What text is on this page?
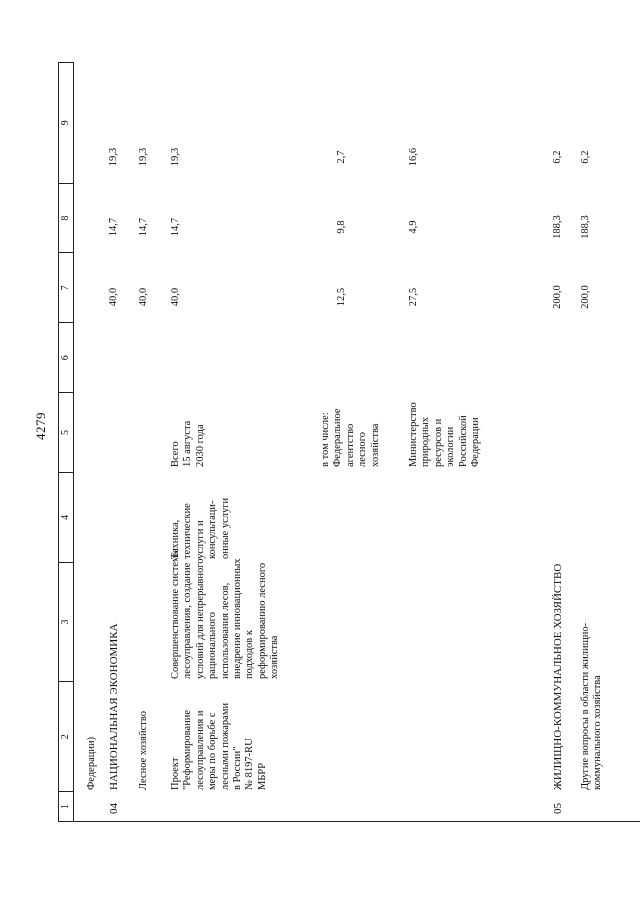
4279
1
2
3
4
5
6
7
8
9
Федерации)
04
НАЦИОНАЛЬНАЯ ЭКОНОМИКА
40,0
14,7
19,3
Лесное хозяйство
40,0
14,7
19,3
Проект
"Реформирование
лесоуправления и
меры по борьбе с
лесными пожарами
в России"
№ 8197-RU
МБРР
Совершенствование системы
лесоуправления, создание
условий для непрерывного
рационального
использования лесов,
внедрение инновационных
подходов к
реформированию лесного
хозяйства
Техника,
технические
услуги и
консультаци-
онные услуги
Всего
15 августа
2030 года
40,0
14,7
19,3
в том числе:
Федеральное
агентство
лесного
хозяйства
12,5
9,8
2,7
Министерство
природных
ресурсов и
экологии
Российской
Федерации
27,5
4,9
16,6
05
ЖИЛИЩНО-КОММУНАЛЬНОЕ ХОЗЯЙСТВО
200,0
188,3
6,2
Другие вопросы в области жилищно-
коммунального хозяйства
200,0
188,3
6,2
